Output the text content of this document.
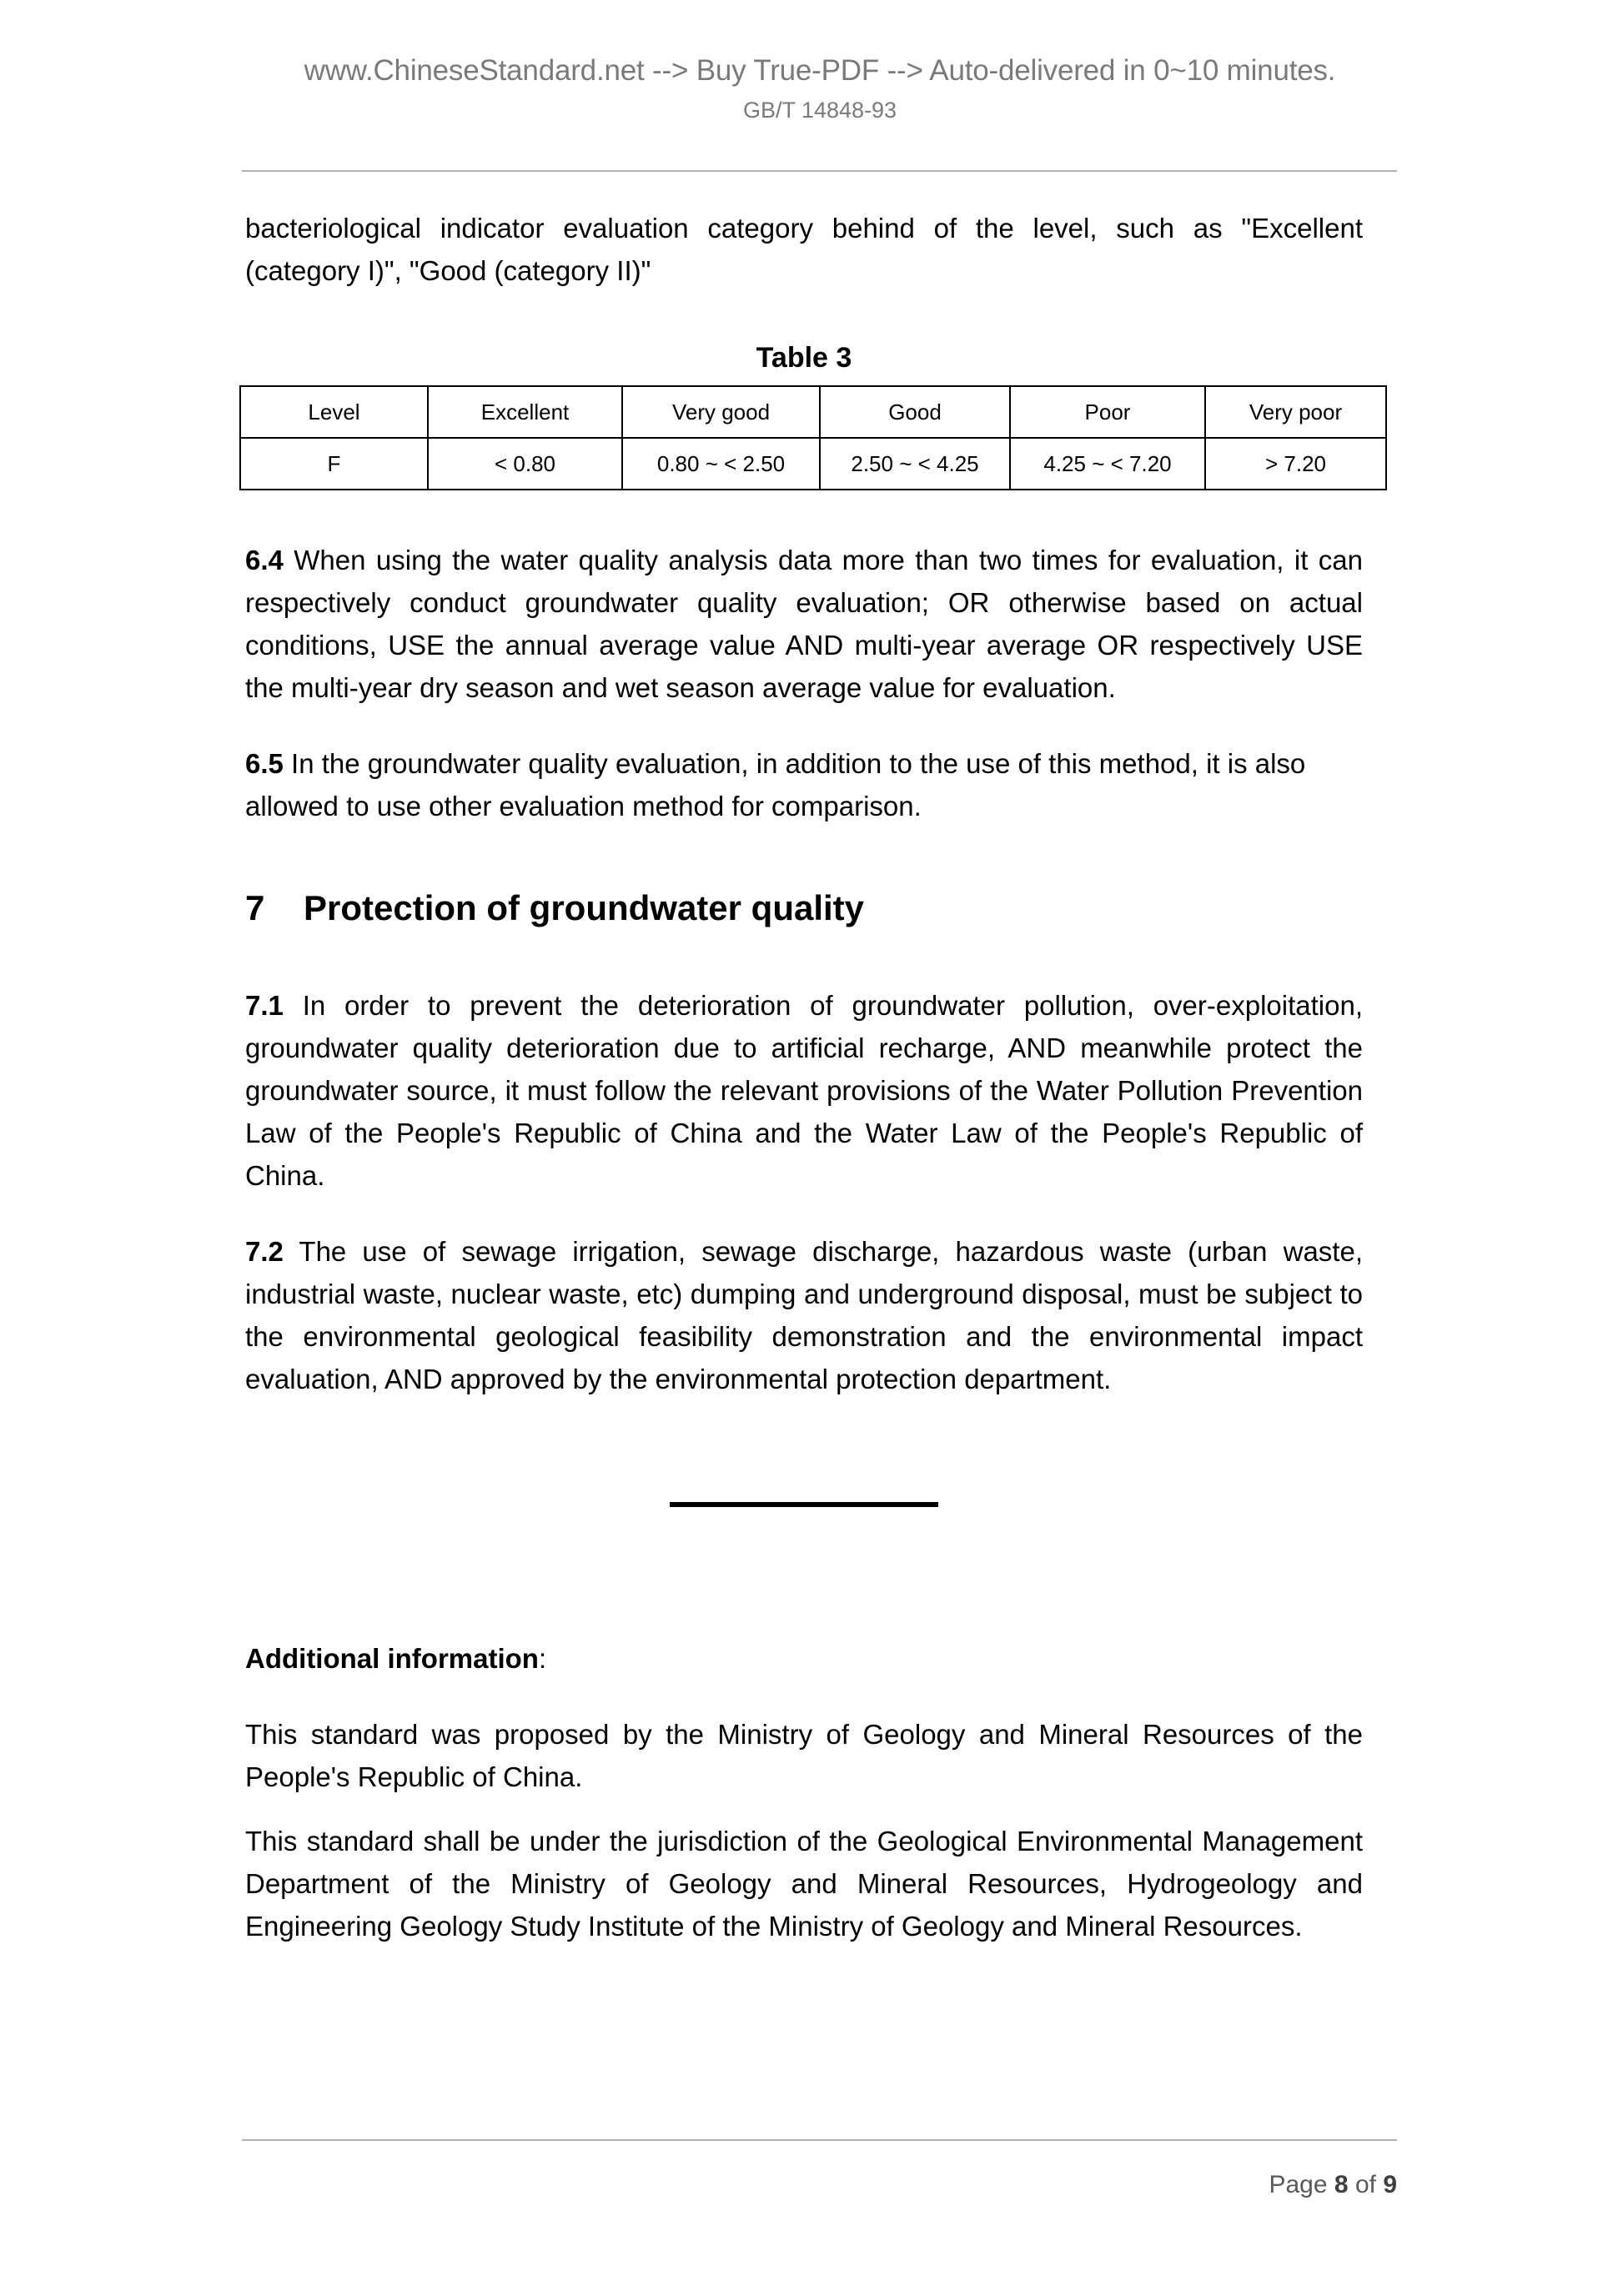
www.ChineseStandard.net --> Buy True-PDF --> Auto-delivered in 0~10 minutes.
GB/T 14848-93

bacteriological indicator evaluation category behind of the level, such as "Excellent (category I)", "Good (category II)"

Table 3
Level	Excellent	Very good	Good	Poor	Very poor
F	< 0.80	0.80 ~ < 2.50	2.50 ~ < 4.25	4.25 ~ < 7.20	> 7.20

6.4 When using the water quality analysis data more than two times for evaluation, it can respectively conduct groundwater quality evaluation; OR otherwise based on actual conditions, USE the annual average value AND multi-year average OR respectively USE the multi-year dry season and wet season average value for evaluation.

6.5 In the groundwater quality evaluation, in addition to the use of this method, it is also allowed to use other evaluation method for comparison.

7 Protection of groundwater quality

7.1 In order to prevent the deterioration of groundwater pollution, over-exploitation, groundwater quality deterioration due to artificial recharge, AND meanwhile protect the groundwater source, it must follow the relevant provisions of the Water Pollution Prevention Law of the People's Republic of China and the Water Law of the People's Republic of China.

7.2 The use of sewage irrigation, sewage discharge, hazardous waste (urban waste, industrial waste, nuclear waste, etc) dumping and underground disposal, must be subject to the environmental geological feasibility demonstration and the environmental impact evaluation, AND approved by the environmental protection department.

Additional information:

This standard was proposed by the Ministry of Geology and Mineral Resources of the People's Republic of China.

This standard shall be under the jurisdiction of the Geological Environmental Management Department of the Ministry of Geology and Mineral Resources, Hydrogeology and Engineering Geology Study Institute of the Ministry of Geology and Mineral Resources.

Page 8 of 9
